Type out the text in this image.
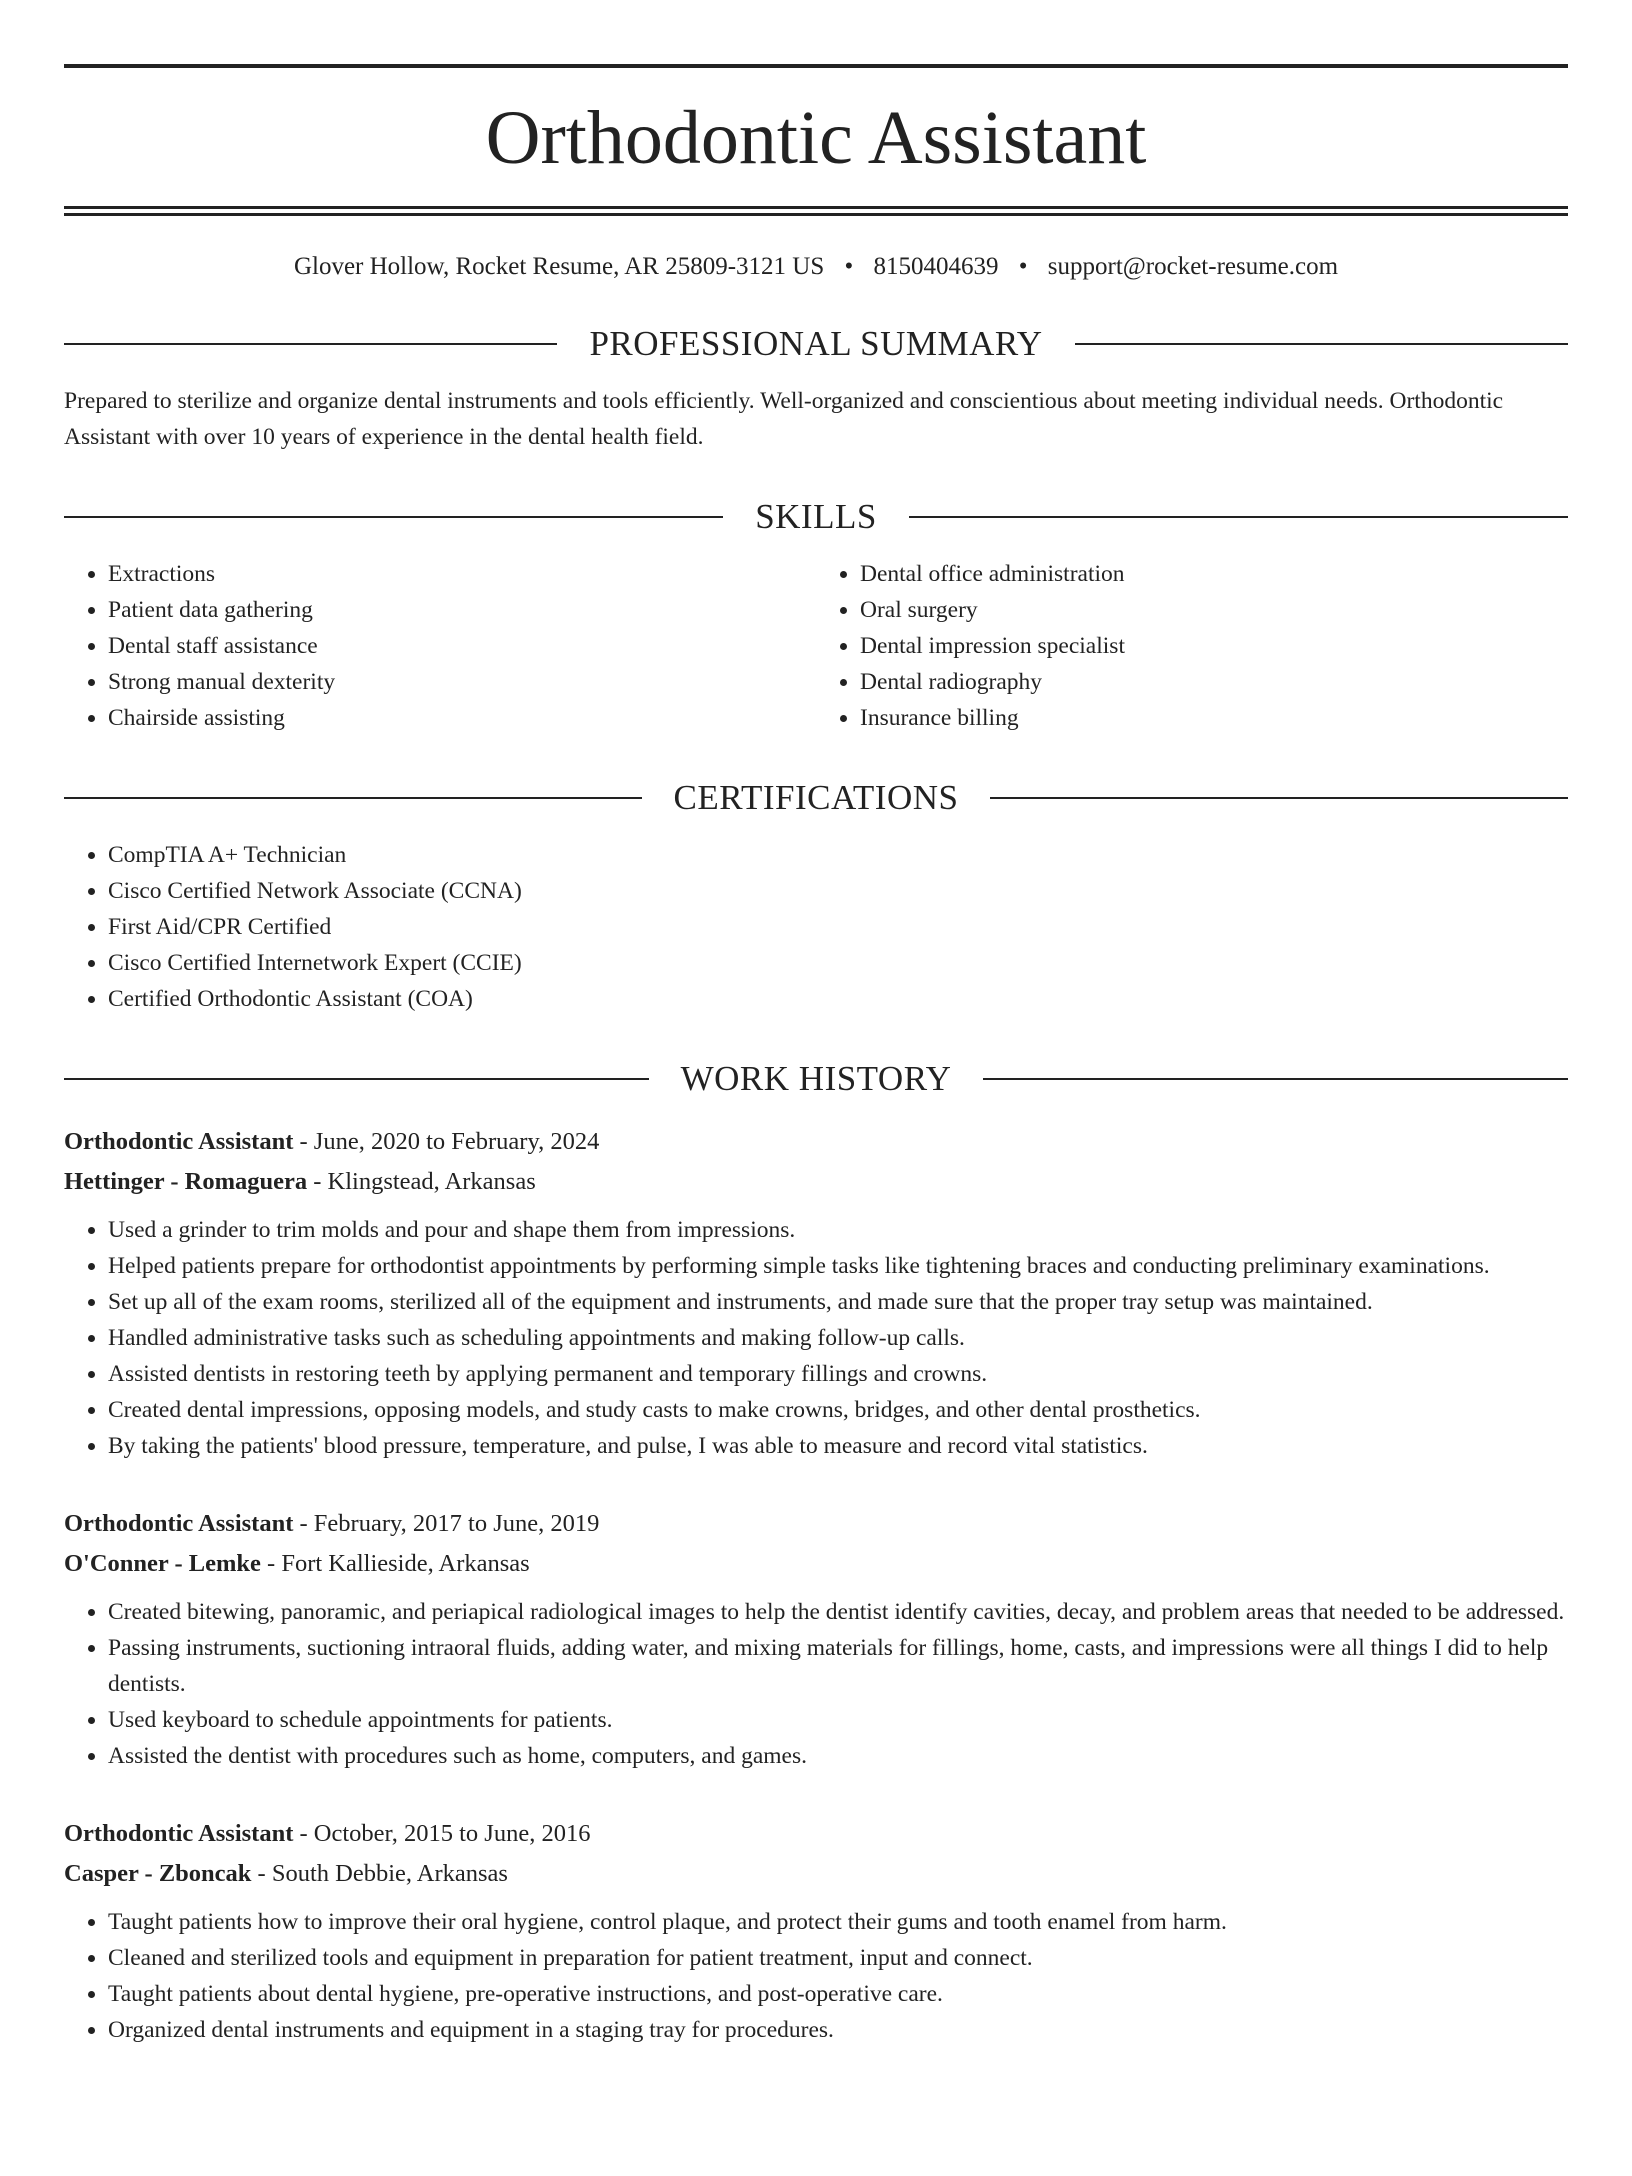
Orthodontic Assistant
Glover Hollow, Rocket Resume, AR 25809-3121 US • 8150404639 • support@rocket-resume.com
PROFESSIONAL SUMMARY
Prepared to sterilize and organize dental instruments and tools efficiently. Well-organized and conscientious about meeting individual needs. Orthodontic Assistant with over 10 years of experience in the dental health field.
SKILLS
• Extractions
• Patient data gathering
• Dental staff assistance
• Strong manual dexterity
• Chairside assisting
• Dental office administration
• Oral surgery
• Dental impression specialist
• Dental radiography
• Insurance billing
CERTIFICATIONS
• CompTIA A+ Technician
• Cisco Certified Network Associate (CCNA)
• First Aid/CPR Certified
• Cisco Certified Internetwork Expert (CCIE)
• Certified Orthodontic Assistant (COA)
WORK HISTORY
Orthodontic Assistant - June, 2020 to February, 2024
Hettinger - Romaguera - Klingstead, Arkansas
• Used a grinder to trim molds and pour and shape them from impressions.
• Helped patients prepare for orthodontist appointments by performing simple tasks like tightening braces and conducting preliminary examinations.
• Set up all of the exam rooms, sterilized all of the equipment and instruments, and made sure that the proper tray setup was maintained.
• Handled administrative tasks such as scheduling appointments and making follow-up calls.
• Assisted dentists in restoring teeth by applying permanent and temporary fillings and crowns.
• Created dental impressions, opposing models, and study casts to make crowns, bridges, and other dental prosthetics.
• By taking the patients' blood pressure, temperature, and pulse, I was able to measure and record vital statistics.
Orthodontic Assistant - February, 2017 to June, 2019
O'Conner - Lemke - Fort Kallieside, Arkansas
• Created bitewing, panoramic, and periapical radiological images to help the dentist identify cavities, decay, and problem areas that needed to be addressed.
• Passing instruments, suctioning intraoral fluids, adding water, and mixing materials for fillings, home, casts, and impressions were all things I did to help dentists.
• Used keyboard to schedule appointments for patients.
• Assisted the dentist with procedures such as home, computers, and games.
Orthodontic Assistant - October, 2015 to June, 2016
Casper - Zboncak - South Debbie, Arkansas
• Taught patients how to improve their oral hygiene, control plaque, and protect their gums and tooth enamel from harm.
• Cleaned and sterilized tools and equipment in preparation for patient treatment, input and connect.
• Taught patients about dental hygiene, pre-operative instructions, and post-operative care.
• Organized dental instruments and equipment in a staging tray for procedures.
